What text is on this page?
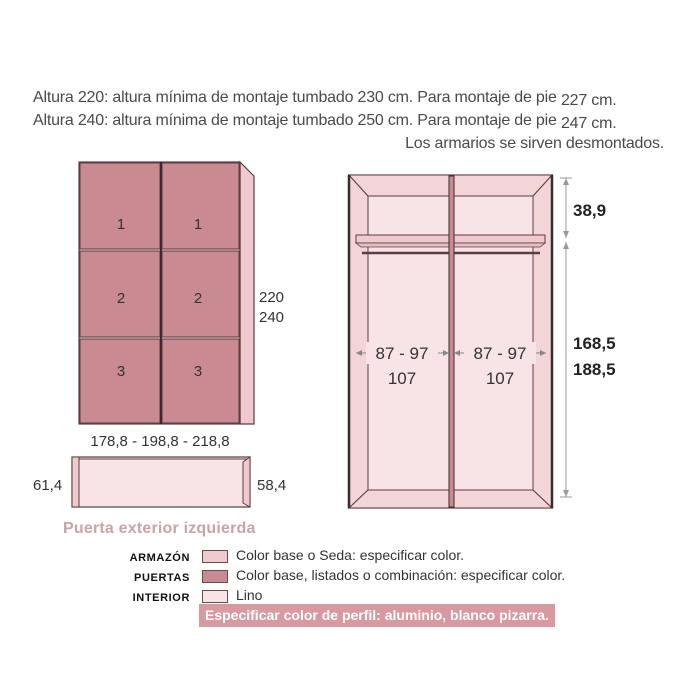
Altura 220: altura mínima de montaje tumbado 230 cm. Para montaje de pie 227 cm.
Altura 240: altura mínima de montaje tumbado 250 cm. Para montaje de pie 247 cm.
Los armarios se sirven desmontados.
1	1
2	2
3	3
220
240
178,8 - 198,8 - 218,8
61,4	58,4
87 - 97
107
87 - 97
107
38,9
168,5
188,5
Puerta exterior izquierda
ARMAZÓN	Color base o Seda: especificar color.
PUERTAS	Color base, listados o combinación: especificar color.
INTERIOR	Lino
Especificar color de perfil: aluminio, blanco pizarra.
